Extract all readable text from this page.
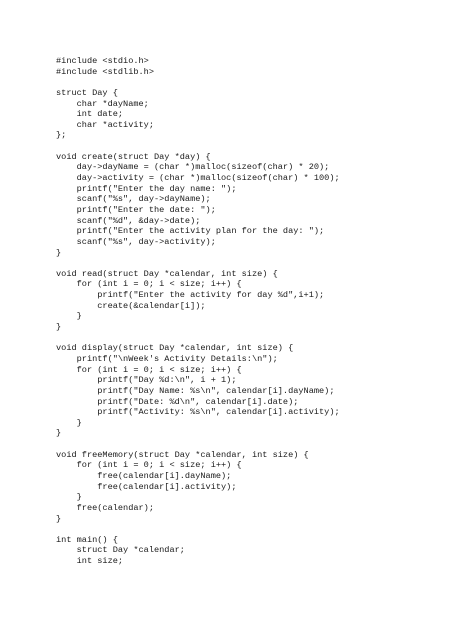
#include <stdio.h>
#include <stdlib.h>
struct Day {
char *dayName;
int date;
char *activity;
};
void create(struct Day *day) {
day->dayName = (char *)malloc(sizeof(char) * 20);
day->activity = (char *)malloc(sizeof(char) * 100);
printf("Enter the day name: ");
scanf("%s", day->dayName);
printf("Enter the date: ");
scanf("%d", &day->date);
printf("Enter the activity plan for the day: ");
scanf("%s", day->activity);
}
void read(struct Day *calendar, int size) {
for (int i = 0; i < size; i++) {
printf("Enter the activity for day %d",i+1);
create(&calendar[i]);
}
}
void display(struct Day *calendar, int size) {
printf("\nWeek's Activity Details:\n");
for (int i = 0; i < size; i++) {
printf("Day %d:\n", i + 1);
printf("Day Name: %s\n", calendar[i].dayName);
printf("Date: %d\n", calendar[i].date);
printf("Activity: %s\n", calendar[i].activity);
}
}
void freeMemory(struct Day *calendar, int size) {
for (int i = 0; i < size; i++) {
free(calendar[i].dayName);
free(calendar[i].activity);
}
free(calendar);
}
int main() {
struct Day *calendar;
int size;
